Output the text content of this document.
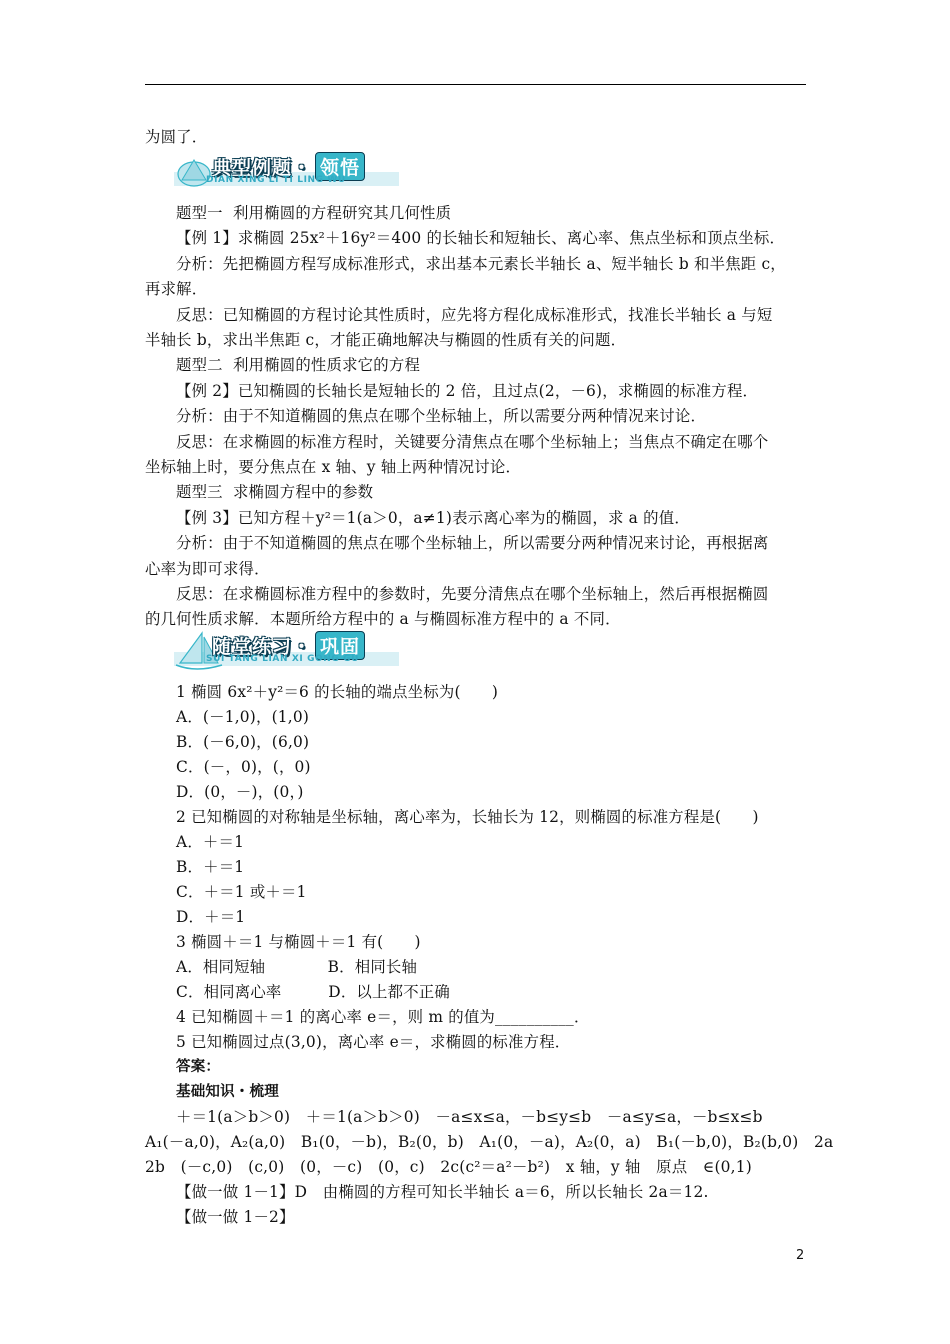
为圆了．
典型例题・ 领悟
DIAN XING LI TI LING WU
题型一  利用椭圆的方程研究其几何性质
【例 1】求椭圆 25x²＋16y²＝400 的长轴长和短轴长、离心率、焦点坐标和顶点坐标．
分析：先把椭圆方程写成标准形式，求出基本元素长半轴长 a、短半轴长 b 和半焦距 c，
再求解．
反思：已知椭圆的方程讨论其性质时，应先将方程化成标准形式，找准长半轴长 a 与短
半轴长 b，求出半焦距 c，才能正确地解决与椭圆的性质有关的问题．
题型二  利用椭圆的性质求它的方程
【例 2】已知椭圆的长轴长是短轴长的 2 倍，且过点(2，－6)，求椭圆的标准方程．
分析：由于不知道椭圆的焦点在哪个坐标轴上，所以需要分两种情况来讨论．
反思：在求椭圆的标准方程时，关键要分清焦点在哪个坐标轴上；当焦点不确定在哪个
坐标轴上时，要分焦点在 x 轴、y 轴上两种情况讨论．
题型三  求椭圆方程中的参数
【例 3】已知方程＋y²＝1(a＞0，a≠1)表示离心率为的椭圆，求 a 的值．
分析：由于不知道椭圆的焦点在哪个坐标轴上，所以需要分两种情况来讨论，再根据离
心率为即可求得．
反思：在求椭圆标准方程中的参数时，先要分清焦点在哪个坐标轴上，然后再根据椭圆
的几何性质求解．本题所给方程中的 a 与椭圆标准方程中的 a 不同．
随堂练习・ 巩固
SUI TANG LIAN XI GONG GU
1 椭圆 6x²＋y²＝6 的长轴的端点坐标为(　　)
A．(－1,0)，(1,0)
B．(－6,0)，(6,0)
C．(－，0)，(，0)
D．(0，－)，(0，)
2 已知椭圆的对称轴是坐标轴，离心率为，长轴长为 12，则椭圆的标准方程是(　　)
A．＋＝1
B．＋＝1
C．＋＝1 或＋＝1
D．＋＝1
3 椭圆＋＝1 与椭圆＋＝1 有(　　)
A．相同短轴　　　　B．相同长轴
C．相同离心率　　　D．以上都不正确
4 已知椭圆＋＝1 的离心率 e＝，则 m 的值为__________．
5 已知椭圆过点(3,0)，离心率 e＝，求椭圆的标准方程．
答案：
基础知识・梳理
＋＝1(a＞b＞0)　＋＝1(a＞b＞0)　－a≤x≤a，－b≤y≤b　－a≤y≤a，－b≤x≤b
A₁(－a,0)，A₂(a,0)　B₁(0，－b)，B₂(0，b)　A₁(0，－a)，A₂(0，a)　B₁(－b,0)，B₂(b,0)　2a
2b　(－c,0)　(c,0)　(0，－c)　(0，c)　2c(c²＝a²－b²)　x 轴，y 轴　原点　∈(0,1)
【做一做 1－1】D　由椭圆的方程可知长半轴长 a＝6，所以长轴长 2a＝12.
【做一做 1－2】
2
